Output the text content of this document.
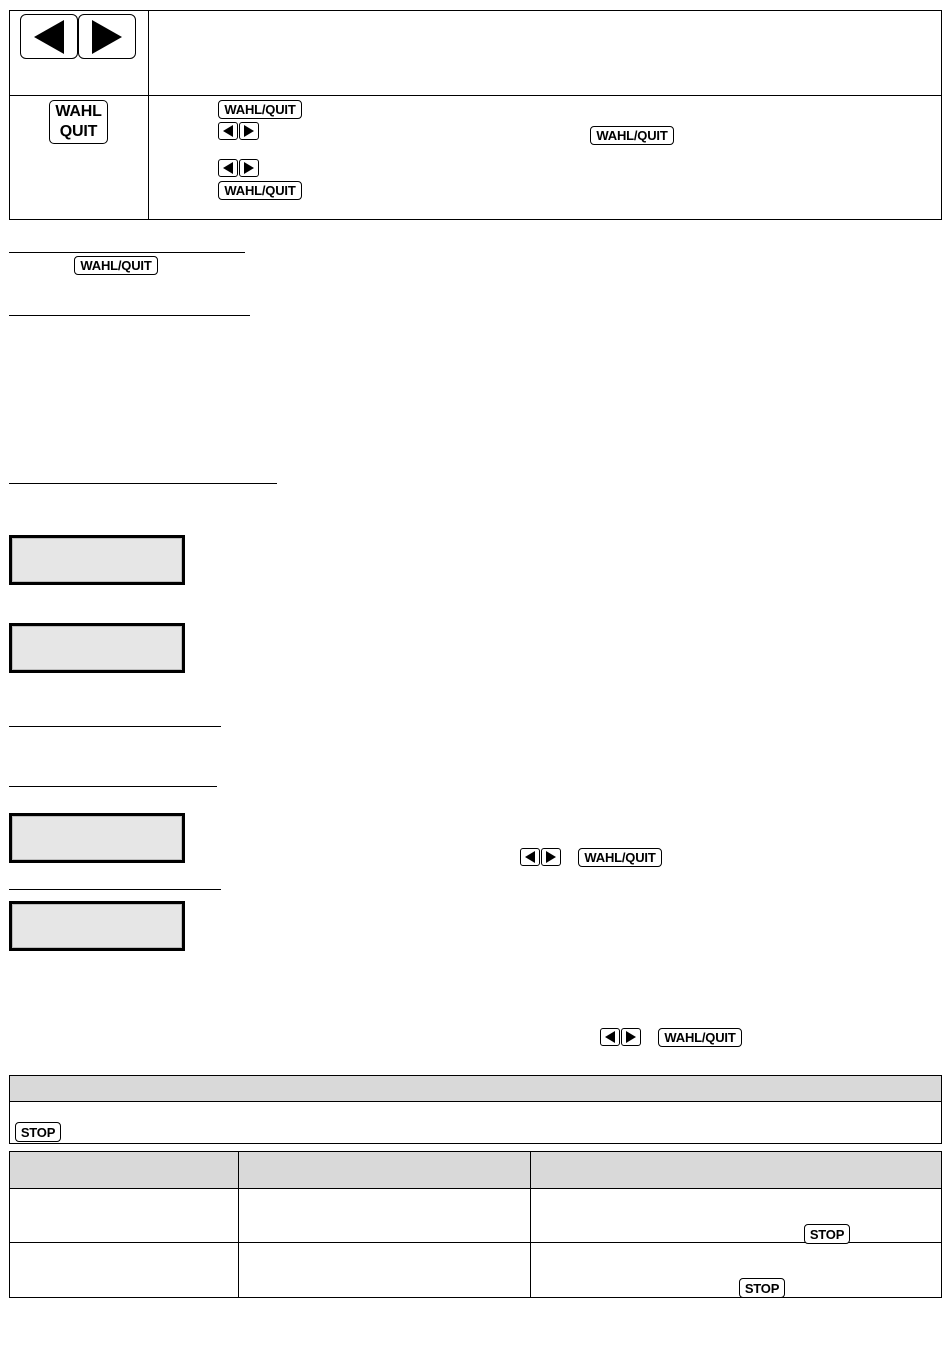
WAHL
QUIT
WAHL/QUIT
WAHL/QUIT
WAHL/QUIT
WAHL/QUIT
WAHL/QUIT
WAHL/QUIT
STOP
STOP
STOP
